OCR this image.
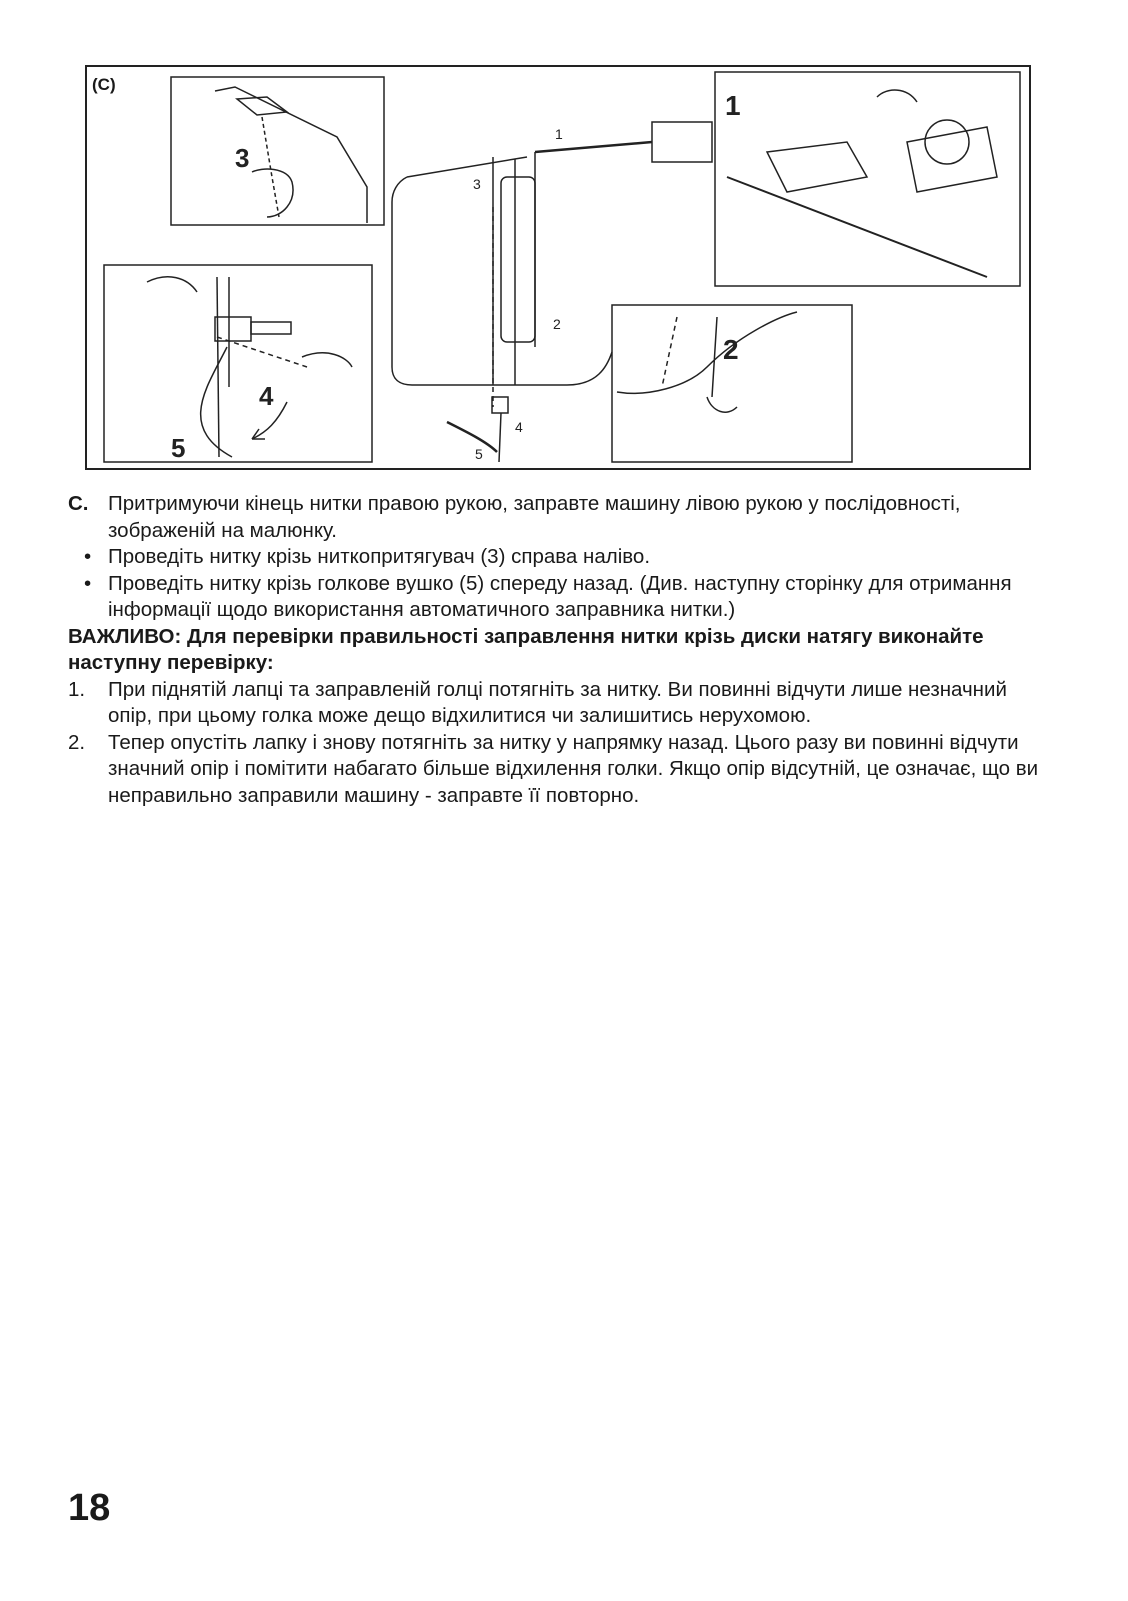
(C)
3
4
5
1
3
2
4
5
1
2
C. Притримуючи кінець нитки правою рукою, заправте машину лівою рукою у послідовності, зображеній на малюнку.
• Проведіть нитку крізь ниткопритягувач (3) справа наліво.
• Проведіть нитку крізь голкове вушко (5) спереду назад. (Див. наступну сторінку для отримання інформації щодо використання автоматичного заправника нитки.)
ВАЖЛИВО: Для перевірки правильності заправлення нитки крізь диски натягу виконайте наступну перевірку:
1. При піднятій лапці та заправленій голці потягніть за нитку. Ви повинні відчути лише незначний опір, при цьому голка може дещо відхилитися чи залишитись нерухомою.
2. Тепер опустіть лапку і знову потягніть за нитку у напрямку назад. Цього разу ви повинні відчути значний опір і помітити набагато більше відхилення голки. Якщо опір відсутній, це означає, що ви неправильно заправили машину - заправте її повторно.
18
